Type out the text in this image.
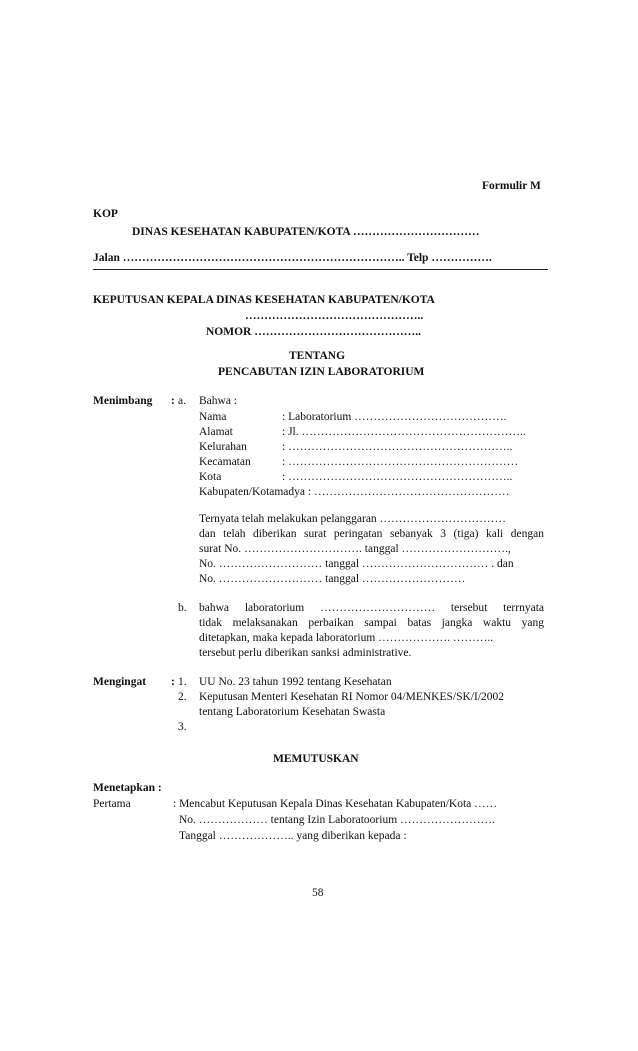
Formulir M
KOP
DINAS KESEHATAN KABUPATEN/KOTA ……………………………
Jalan ……………………………………………………………….. Telp …………….
KEPUTUSAN KEPALA DINAS KESEHATAN KABUPATEN/KOTA
………………………………………..
NOMOR ……………………………………..
TENTANG
PENCABUTAN IZIN LABORATORIUM
Menimbang : a. Bahwa :
Nama	: Laboratorium ………………………………….
Alamat	: Jl. …………………………………………………..
Kelurahan	: …………………………………………………..
Kecamatan	: ……………………………………………………
Kota	: …………………………………………………..
Kabupaten/Kotamadya : ……………………………………………
Ternyata telah melakukan pelanggaran ……………………………
dan telah diberikan surat peringatan sebanyak 3 (tiga) kali dengan
surat No. …………………………. tanggal ……………………….,
No. ……………………… tanggal …………………………… . dan
No. ……………………… tanggal ………………………
b. bahwa laboratorium ………………………… tersebut terrnyata
tidak melaksanakan perbaikan sampai batas jangka waktu yang
ditetapkan, maka kepada laboratorium ………………. ………..
tersebut perlu diberikan sanksi administrative.
Mengingat : 1. UU No. 23 tahun 1992 tentang Kesehatan
2. Keputusan Menteri Kesehatan RI Nomor 04/MENKES/SK/I/2002
tentang Laboratorium Kesehatan Swasta
3.
MEMUTUSKAN
Menetapkan :
Pertama	: Mencabut Keputusan Kepala Dinas Kesehatan Kabupaten/Kota ……
No. ……………… tentang Izin Laboratoorium …………………….
Tanggal ……………….. yang diberikan kepada :
58
